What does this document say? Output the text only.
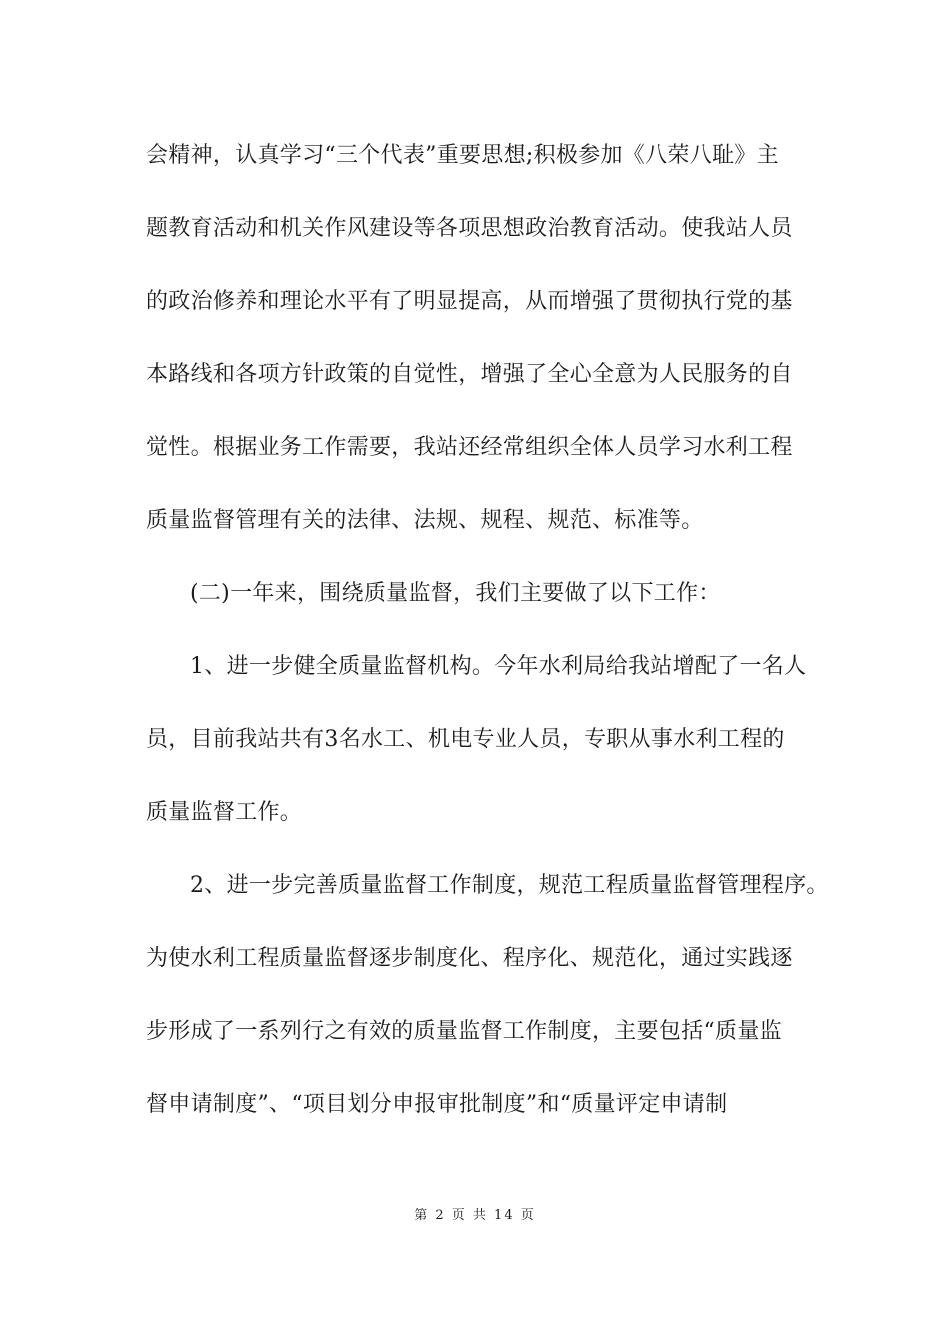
会精神，认真学习“三个代表”重要思想;积极参加《八荣八耻》主
题教育活动和机关作风建设等各项思想政治教育活动。使我站人员
的政治修养和理论水平有了明显提高，从而增强了贯彻执行党的基
本路线和各项方针政策的自觉性，增强了全心全意为人民服务的自
觉性。根据业务工作需要，我站还经常组织全体人员学习水利工程
质量监督管理有关的法律、法规、规程、规范、标准等。
(二)一年来，围绕质量监督，我们主要做了以下工作：
1、进一步健全质量监督机构。今年水利局给我站增配了一名人
员，目前我站共有3名水工、机电专业人员，专职从事水利工程的
质量监督工作。
2、进一步完善质量监督工作制度，规范工程质量监督管理程序。
为使水利工程质量监督逐步制度化、程序化、规范化，通过实践逐
步形成了一系列行之有效的质量监督工作制度，主要包括“质量监
督申请制度”、“项目划分申报审批制度”和“质量评定申请制
第 2 页 共 14 页
